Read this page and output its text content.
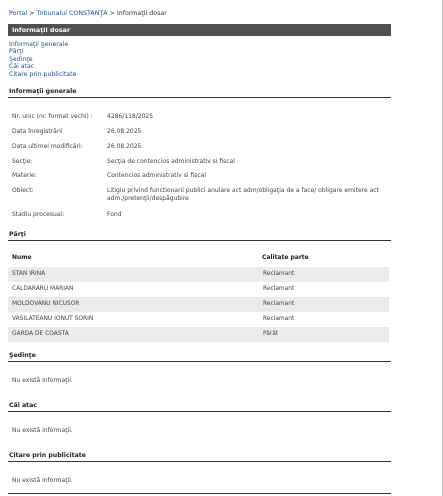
Portal > Tribunalul CONSTANŢA > Informaţii dosar
Informaţii dosar
Informaţii generale
Părţi
Şedinţe
Căi atac
Citare prin publicitate
Informaţii generale
Nr. unic (nr. format vechi) :	4286/118/2025
Data înregistrării	26.08.2025
Data ultimei modificări:	26.08.2025
Secţie:	Secţia de contencios administrativ si fiscal
Materie:	Contencios administrativ si fiscal
Obiect:	Litigiu privind functionarii publici anulare act adm/obligaţia de a face/ obligare emitere act adm./pretenţii/despăgubire
Stadiu procesual:	Fond
Părţi
Nume	Calitate parte
STAN IRINA	Reclamant
CALDARARU MARIAN	Reclamant
MOLDOVANU NICUSOR	Reclamant
VASILATEANU IONUT SORIN	Reclamant
GARDA DE COASTA	Pârât
Şedinţe
Nu există informaţii.
Căi atac
Nu există informaţii.
Citare prin publicitate
Nu există informaţii.
